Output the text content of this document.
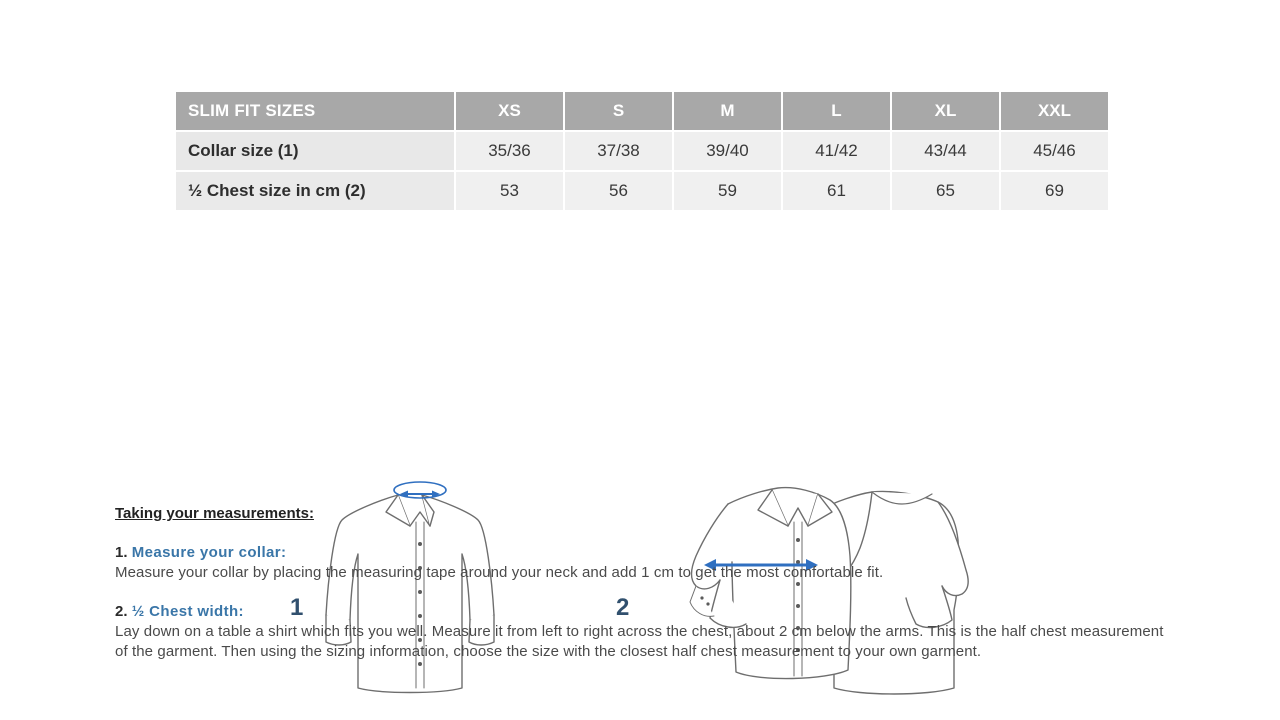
SLIM FIT SIZES	XS	S	M	L	XL	XXL
Collar size (1)	35/36	37/38	39/40	41/42	43/44	45/46
½ Chest size in cm (2)	53	56	59	61	65	69
1	2
Taking your measurements:
1. Measure your collar:

Measure your collar by placing the measuring tape around your neck and add 1 cm to get the most comfortable fit.

2. ½ Chest width:

Lay down on a table a shirt which fits you well. Measure it from left to right across the chest, about 2 cm below the arms. This is the half chest measurement of the garment. Then using the sizing information, choose the size with the closest half chest measurement to your own garment.
